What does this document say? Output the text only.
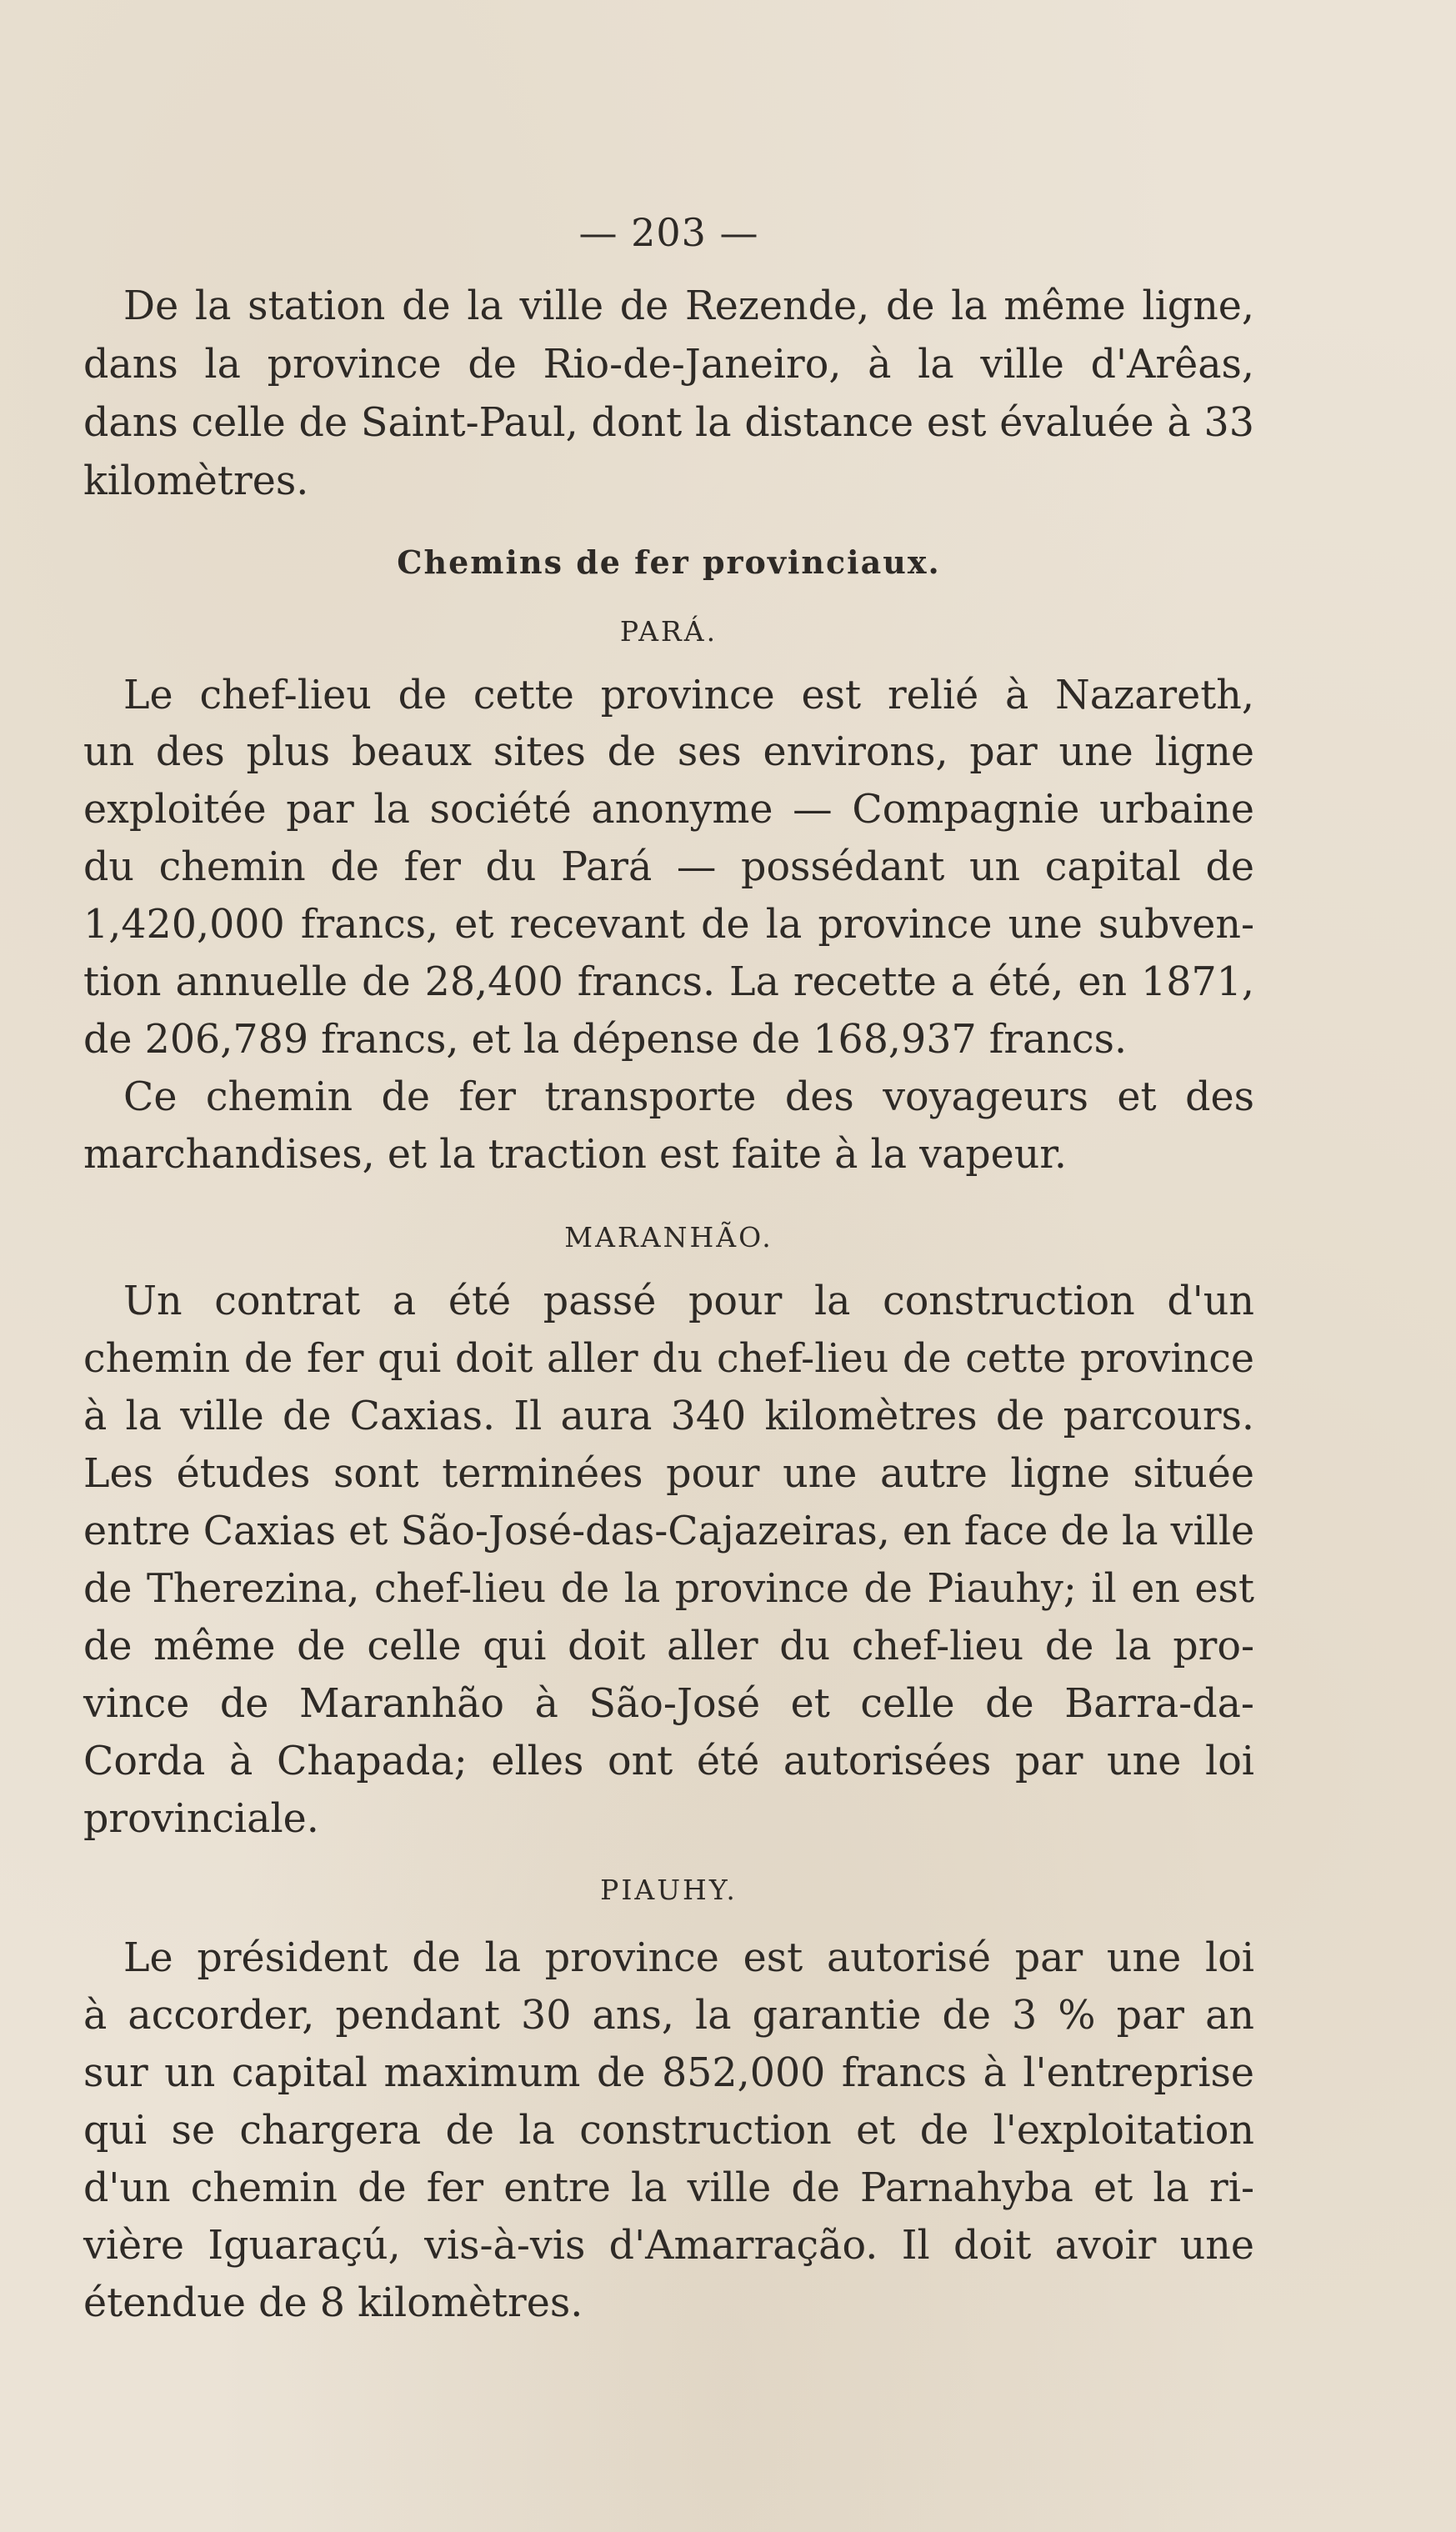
— 203 —
De la station de la ville de Rezende, de la même ligne,
dans la province de Rio-de-Janeiro, à la ville d'Arêas,
dans celle de Saint-Paul, dont la distance est évaluée à 33
kilomètres.
Chemins de fer provinciaux.
PARÁ.
Le chef-lieu de cette province est relié à Nazareth,
un des plus beaux sites de ses environs, par une ligne
exploitée par la société anonyme — Compagnie urbaine
du chemin de fer du Pará — possédant un capital de
1,420,000 francs, et recevant de la province une subven-
tion annuelle de 28,400 francs. La recette a été, en 1871,
de 206,789 francs, et la dépense de 168,937 francs.
Ce chemin de fer transporte des voyageurs et des
marchandises, et la traction est faite à la vapeur.
MARANHÃO.
Un contrat a été passé pour la construction d'un
chemin de fer qui doit aller du chef-lieu de cette province
à la ville de Caxias. Il aura 340 kilomètres de parcours.
Les études sont terminées pour une autre ligne située
entre Caxias et São-José-das-Cajazeiras, en face de la ville
de Therezina, chef-lieu de la province de Piauhy; il en est
de même de celle qui doit aller du chef-lieu de la pro-
vince de Maranhão à São-José et celle de Barra-da-
Corda à Chapada; elles ont été autorisées par une loi
provinciale.
PIAUHY.
Le président de la province est autorisé par une loi
à accorder, pendant 30 ans, la garantie de 3 % par an
sur un capital maximum de 852,000 francs à l'entreprise
qui se chargera de la construction et de l'exploitation
d'un chemin de fer entre la ville de Parnahyba et la ri-
vière Iguaraçú, vis-à-vis d'Amarração. Il doit avoir une
étendue de 8 kilomètres.
